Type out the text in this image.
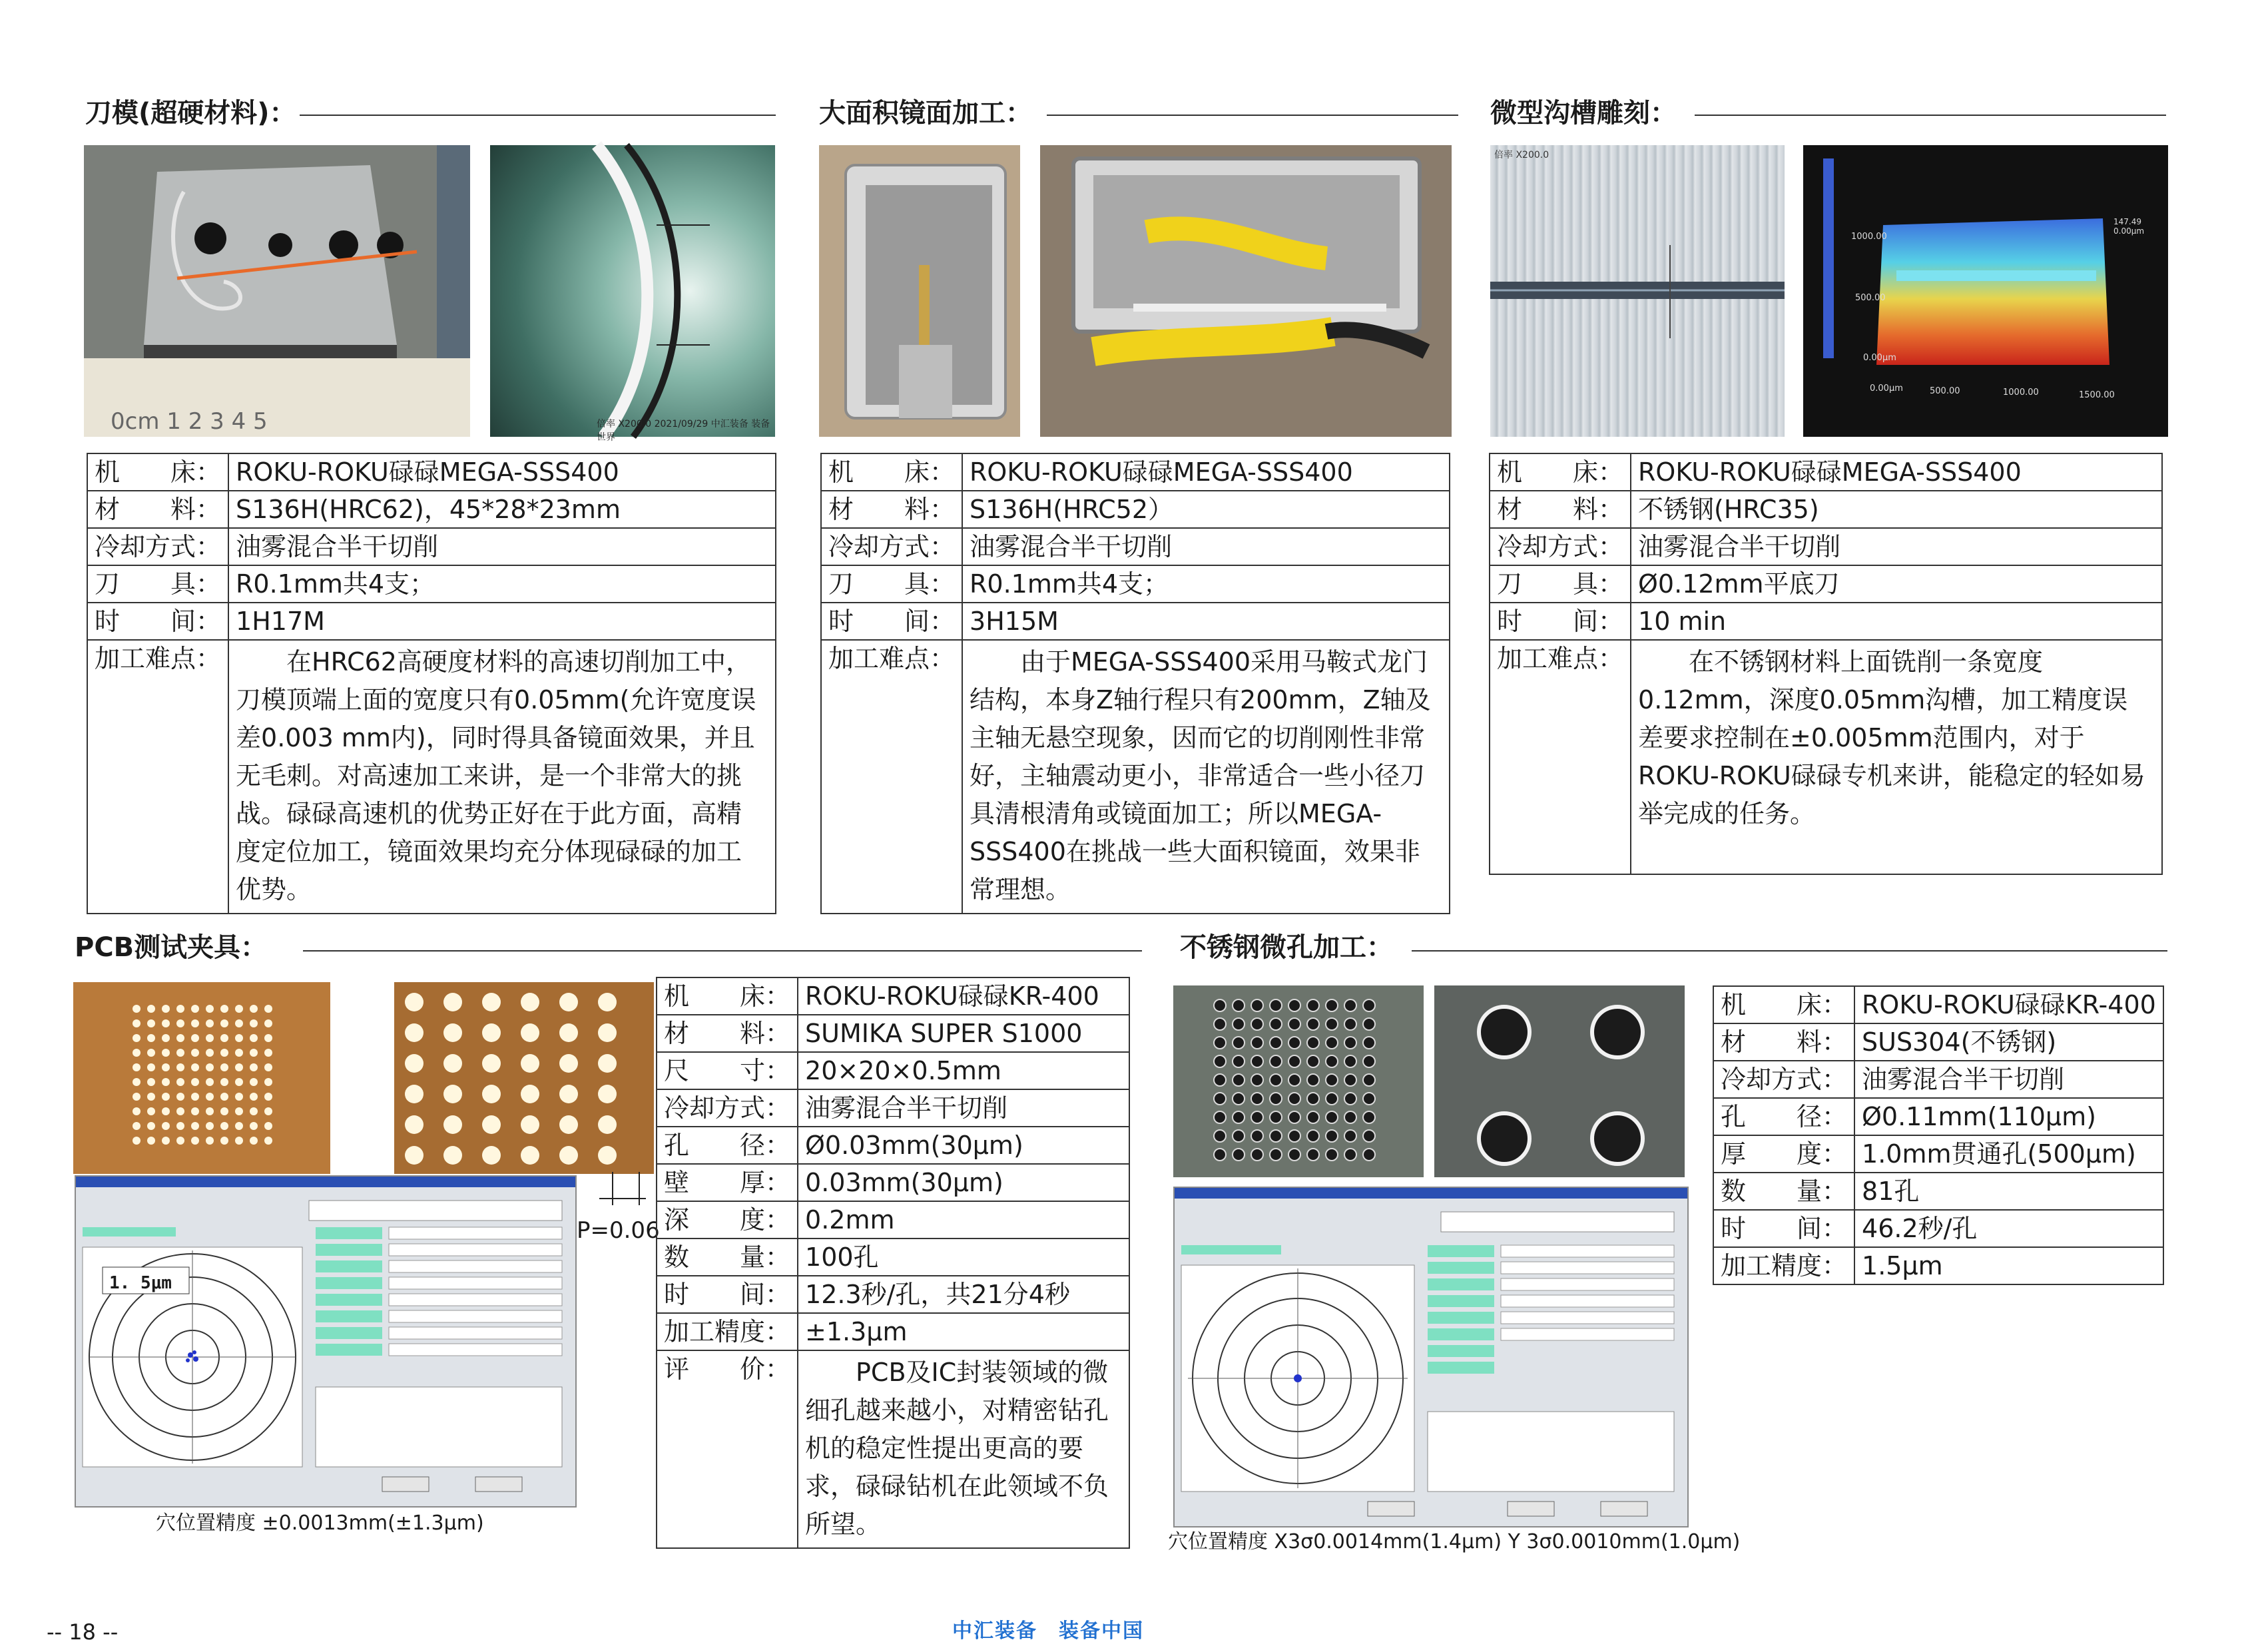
刀模(超硬材料)：	大面积镜面加工：	微型沟槽雕刻：
0cm 1 2 3 4 5	倍率 X200.0 2021/09/29 中汇装备 装备世界
倍率 X200.0
1000.00
500.00
0.00μm
0.00μm	500.00	1000.00	1500.00
147.49
0.00μm
机　　床：	ROKU-ROKU碌碌MEGA-SSS400
材　　料：	S136H(HRC62)，45*28*23mm
冷却方式：	油雾混合半干切削
刀　　具：	R0.1mm共4支；
时　　间：	1H17M
加工难点：	在HRC62高硬度材料的高速切削加工中，刀模顶端上面的宽度只有0.05mm(允许宽度误差0.003 mm内)，同时得具备镜面效果，并且无毛刺。对高速加工来讲，是一个非常大的挑战。碌碌高速机的优势正好在于此方面，高精度定位加工，镜面效果均充分体现碌碌的加工优势。
机　　床：	ROKU-ROKU碌碌MEGA-SSS400
材　　料：	S136H(HRC52）
冷却方式：	油雾混合半干切削
刀　　具：	R0.1mm共4支；
时　　间：	3H15M
加工难点：	由于MEGA-SSS400采用马鞍式龙门结构，本身Z轴行程只有200mm，Z轴及主轴无悬空现象，因而它的切削刚性非常好，主轴震动更小，非常适合一些小径刀具清根清角或镜面加工；所以MEGA-SSS400在挑战一些大面积镜面，效果非常理想。
机　　床：	ROKU-ROKU碌碌MEGA-SSS400
材　　料：	不锈钢(HRC35)
冷却方式：	油雾混合半干切削
刀　　具：	Ø0.12mm平底刀
时　　间：	10 min
加工难点：	在不锈钢材料上面铣削一条宽度0.12mm，深度0.05mm沟槽，加工精度误差要求控制在±0.005mm范围内，对于ROKU-ROKU碌碌专机来讲，能稳定的轻如易举完成的任务。
PCB测试夹具：	不锈钢微孔加工：
P=0.06
1. 5μm
穴位置精度 ±0.0013mm(±1.3μm)
机　　床：	ROKU-ROKU碌碌KR-400
材　　料：	SUMIKA SUPER S1000
尺　　寸：	20×20×0.5mm
冷却方式：	油雾混合半干切削
孔　　径：	Ø0.03mm(30μm)
壁　　厚：	0.03mm(30μm)
深　　度：	0.2mm
数　　量：	100孔
时　　间：	12.3秒/孔，共21分4秒
加工精度：	±1.3μm
评　　价：	PCB及IC封装领域的微细孔越来越小，对精密钻孔机的稳定性提出更高的要求，碌碌钻机在此领域不负所望。
穴位置精度 X3σ0.0014mm(1.4μm) Y 3σ0.0010mm(1.0μm)
机　　床：	ROKU-ROKU碌碌KR-400
材　　料：	SUS304(不锈钢)
冷却方式：	油雾混合半干切削
孔　　径：	Ø0.11mm(110μm)
厚　　度：	1.0mm贯通孔(500μm)
数　　量：	81孔
时　　间：	46.2秒/孔
加工精度：	1.5μm
-- 18 --	中汇装备　装备中国
